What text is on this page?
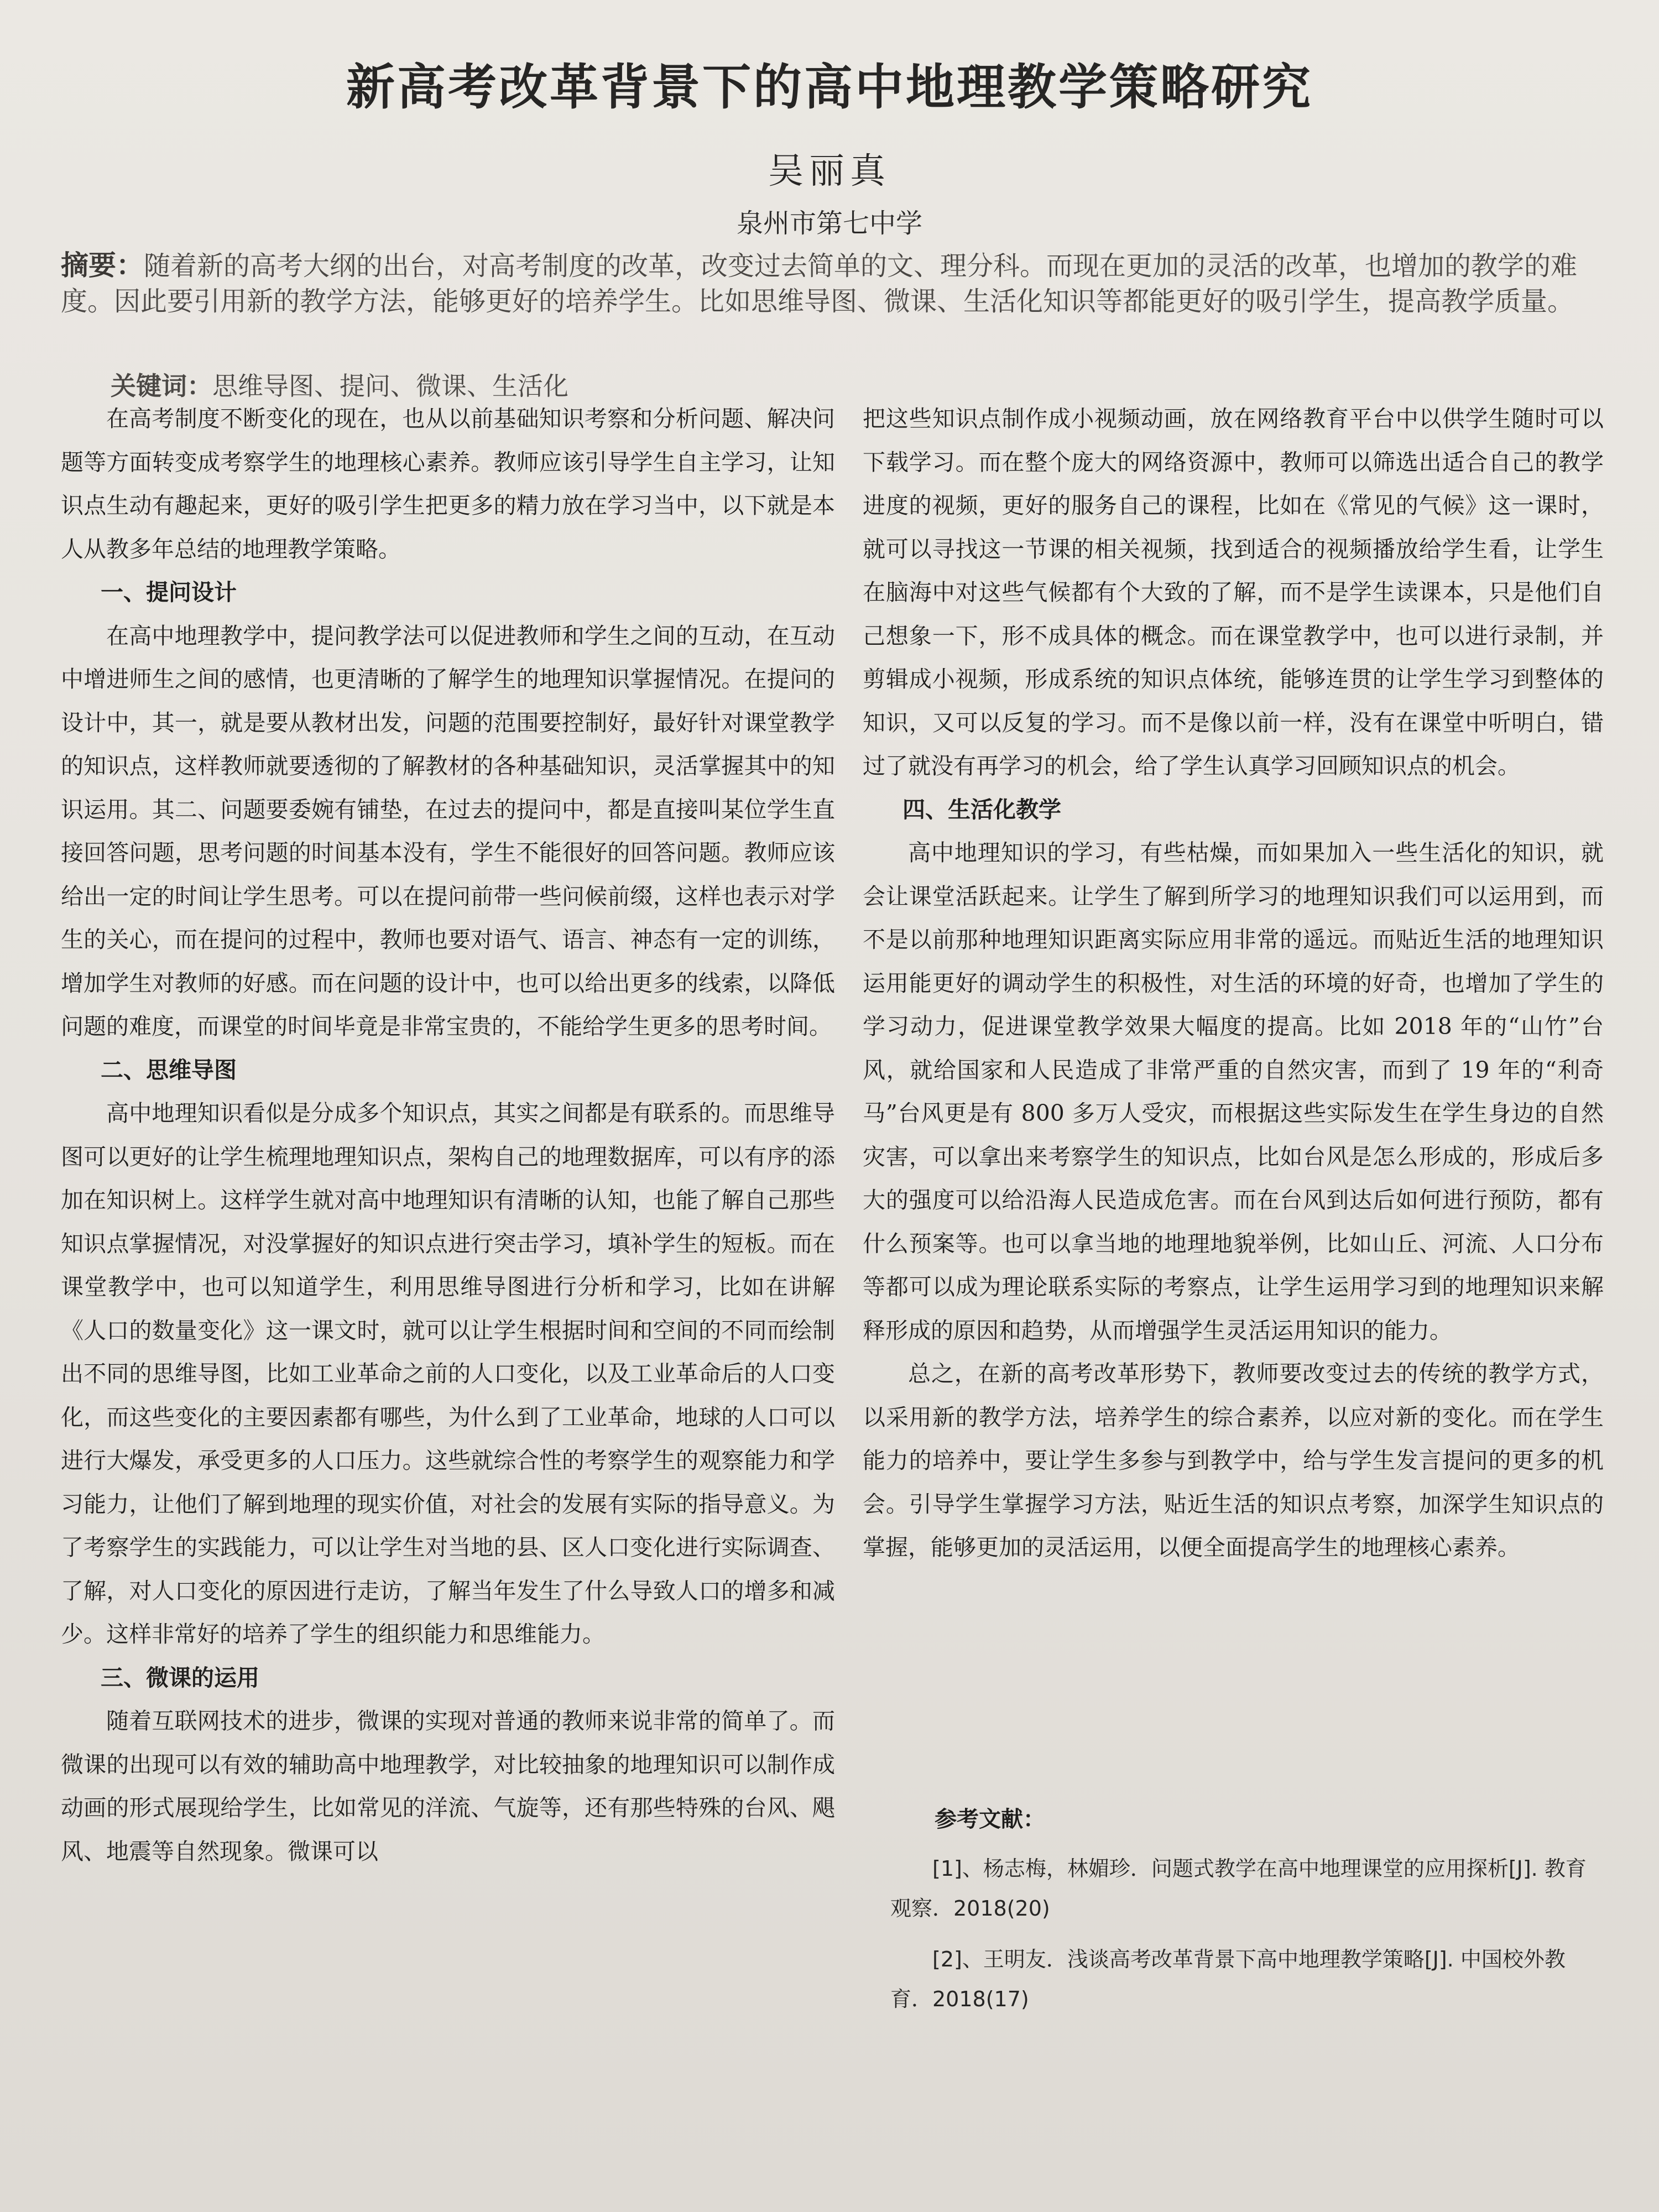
新高考改革背景下的高中地理教学策略研究
吴丽真
泉州市第七中学
摘要：随着新的高考大纲的出台，对高考制度的改革，改变过去简单的文、理分科。而现在更加的灵活的改革，也增加的教学的难度。因此要引用新的教学方法，能够更好的培养学生。比如思维导图、微课、生活化知识等都能更好的吸引学生，提高教学质量。
关键词：思维导图、提问、微课、生活化

在高考制度不断变化的现在，也从以前基础知识考察和分析问题、解决问题等方面转变成考察学生的地理核心素养。教师应该引导学生自主学习，让知识点生动有趣起来，更好的吸引学生把更多的精力放在学习当中，以下就是本人从教多年总结的地理教学策略。

一、提问设计

在高中地理教学中，提问教学法可以促进教师和学生之间的互动，在互动中增进师生之间的感情，也更清晰的了解学生的地理知识掌握情况。在提问的设计中，其一，就是要从教材出发，问题的范围要控制好，最好针对课堂教学的知识点，这样教师就要透彻的了解教材的各种基础知识，灵活掌握其中的知识运用。其二、问题要委婉有铺垫，在过去的提问中，都是直接叫某位学生直接回答问题，思考问题的时间基本没有，学生不能很好的回答问题。教师应该给出一定的时间让学生思考。可以在提问前带一些问候前缀，这样也表示对学生的关心，而在提问的过程中，教师也要对语气、语言、神态有一定的训练，增加学生对教师的好感。而在问题的设计中，也可以给出更多的线索，以降低问题的难度，而课堂的时间毕竟是非常宝贵的，不能给学生更多的思考时间。

二、思维导图

高中地理知识看似是分成多个知识点，其实之间都是有联系的。而思维导图可以更好的让学生梳理地理知识点，架构自己的地理数据库，可以有序的添加在知识树上。这样学生就对高中地理知识有清晰的认知，也能了解自己那些知识点掌握情况，对没掌握好的知识点进行突击学习，填补学生的短板。而在课堂教学中，也可以知道学生，利用思维导图进行分析和学习，比如在讲解《人口的数量变化》这一课文时，就可以让学生根据时间和空间的不同而绘制出不同的思维导图，比如工业革命之前的人口变化，以及工业革命后的人口变化，而这些变化的主要因素都有哪些，为什么到了工业革命，地球的人口可以进行大爆发，承受更多的人口压力。这些就综合性的考察学生的观察能力和学习能力，让他们了解到地理的现实价值，对社会的发展有实际的指导意义。为了考察学生的实践能力，可以让学生对当地的县、区人口变化进行实际调查、了解，对人口变化的原因进行走访，了解当年发生了什么导致人口的增多和减少。这样非常好的培养了学生的组织能力和思维能力。

三、微课的运用

随着互联网技术的进步，微课的实现对普通的教师来说非常的简单了。而微课的出现可以有效的辅助高中地理教学，对比较抽象的地理知识可以制作成动画的形式展现给学生，比如常见的洋流、气旋等，还有那些特殊的台风、飓风、地震等自然现象。微课可以

把这些知识点制作成小视频动画，放在网络教育平台中以供学生随时可以下载学习。而在整个庞大的网络资源中，教师可以筛选出适合自己的教学进度的视频，更好的服务自己的课程，比如在《常见的气候》这一课时，就可以寻找这一节课的相关视频，找到适合的视频播放给学生看，让学生在脑海中对这些气候都有个大致的了解，而不是学生读课本，只是他们自己想象一下，形不成具体的概念。而在课堂教学中，也可以进行录制，并剪辑成小视频，形成系统的知识点体统，能够连贯的让学生学习到整体的知识，又可以反复的学习。而不是像以前一样，没有在课堂中听明白，错过了就没有再学习的机会，给了学生认真学习回顾知识点的机会。

四、生活化教学

高中地理知识的学习，有些枯燥，而如果加入一些生活化的知识，就会让课堂活跃起来。让学生了解到所学习的地理知识我们可以运用到，而不是以前那种地理知识距离实际应用非常的遥远。而贴近生活的地理知识运用能更好的调动学生的积极性，对生活的环境的好奇，也增加了学生的学习动力，促进课堂教学效果大幅度的提高。比如 2018 年的“山竹”台风，就给国家和人民造成了非常严重的自然灾害，而到了 19 年的“利奇马”台风更是有 800 多万人受灾，而根据这些实际发生在学生身边的自然灾害，可以拿出来考察学生的知识点，比如台风是怎么形成的，形成后多大的强度可以给沿海人民造成危害。而在台风到达后如何进行预防，都有什么预案等。也可以拿当地的地理地貌举例，比如山丘、河流、人口分布等都可以成为理论联系实际的考察点，让学生运用学习到的地理知识来解释形成的原因和趋势，从而增强学生灵活运用知识的能力。

总之，在新的高考改革形势下，教师要改变过去的传统的教学方式，以采用新的教学方法，培养学生的综合素养，以应对新的变化。而在学生能力的培养中，要让学生多参与到教学中，给与学生发言提问的更多的机会。引导学生掌握学习方法，贴近生活的知识点考察，加深学生知识点的掌握，能够更加的灵活运用，以便全面提高学生的地理核心素养。

参考文献：

[1]、杨志梅，林媚珍．问题式教学在高中地理课堂的应用探析[J]. 教育观察．2018(20)

[2]、王明友．浅谈高考改革背景下高中地理教学策略[J]. 中国校外教育．2018(17)
